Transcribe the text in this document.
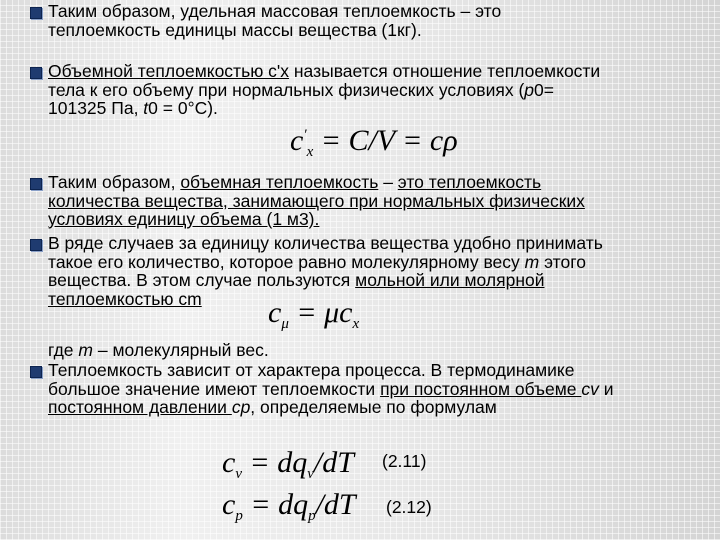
Таким образом, удельная массовая теплоемкость – это
теплоемкость единицы массы вещества (1кг).
Объемной теплоемкостью с'x называется отношение теплоемкости
тела к его объему при нормальных физических условиях (р0=
101325 Па, t0 = 0°С).
$c'_x = C/V = c\rho$
Таким образом, объемная теплоемкость – это теплоемкость
количества вещества, занимающего при нормальных физических
условиях единицу объема (1 м3).
В ряде случаев за единицу количества вещества удобно принимать
такое его количество, которое равно молекулярному весу m этого
вещества. В этом случае пользуются мольной или молярной
теплоемкостью cm	$c_\mu = \mu c_x$
где m – молекулярный вес.
Теплоемкость зависит от характера процесса. В термодинамике
большое значение имеют теплоемкости при постоянном объеме cv и
постоянном давлении cp, определяемые по формулам
$c_v = dq_v/dT$ (2.11)
$c_p = dq_p/dT$ (2.12)
